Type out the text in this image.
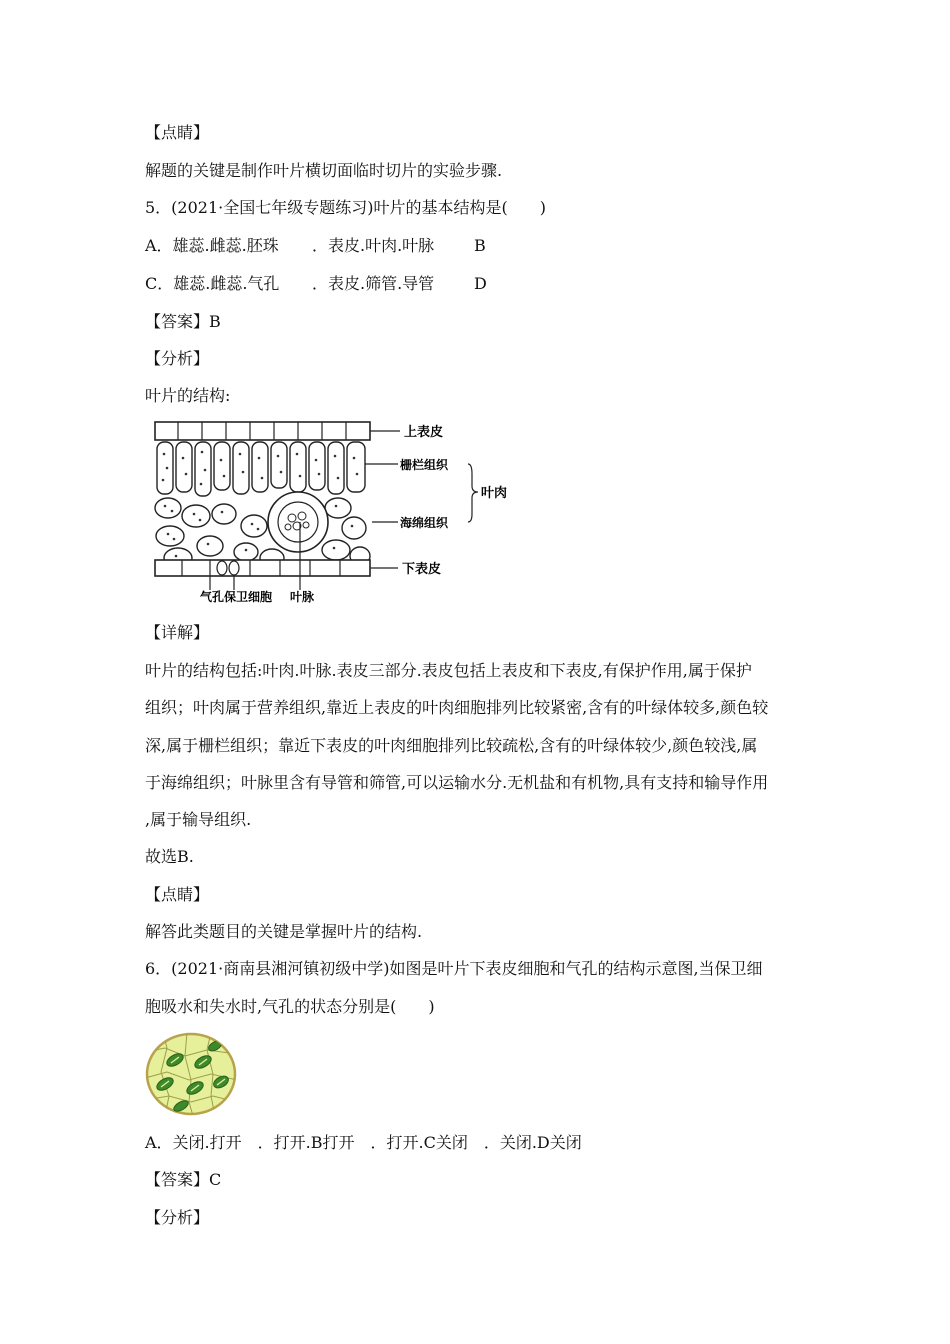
【点睛】
解题的关键是制作叶片横切面临时切片的实验步骤.
5．(2021·全国七年级专题练习)叶片的基本结构是(　　)
A．雄蕊.雌蕊.胚珠 ．表皮.叶肉.叶脉 B
C．雄蕊.雌蕊.气孔 ．表皮.筛管.导管 D
【答案】B
【分析】
叶片的结构:
上表皮
栅栏组织
叶肉
海绵组织
下表皮
气孔保卫细胞 叶脉
【详解】
叶片的结构包括:叶肉.叶脉.表皮三部分.表皮包括上表皮和下表皮,有保护作用,属于保护
组织；叶肉属于营养组织,靠近上表皮的叶肉细胞排列比较紧密,含有的叶绿体较多,颜色较
深,属于栅栏组织；靠近下表皮的叶肉细胞排列比较疏松,含有的叶绿体较少,颜色较浅,属
于海绵组织；叶脉里含有导管和筛管,可以运输水分.无机盐和有机物,具有支持和输导作用
,属于输导组织.
故选B.
【点睛】
解答此类题目的关键是掌握叶片的结构.
6．(2021·商南县湘河镇初级中学)如图是叶片下表皮细胞和气孔的结构示意图,当保卫细
胞吸水和失水时,气孔的状态分别是(　　)
A．关闭.打开　．打开.B打开　．打开.C关闭　．关闭.D关闭
【答案】C
【分析】
